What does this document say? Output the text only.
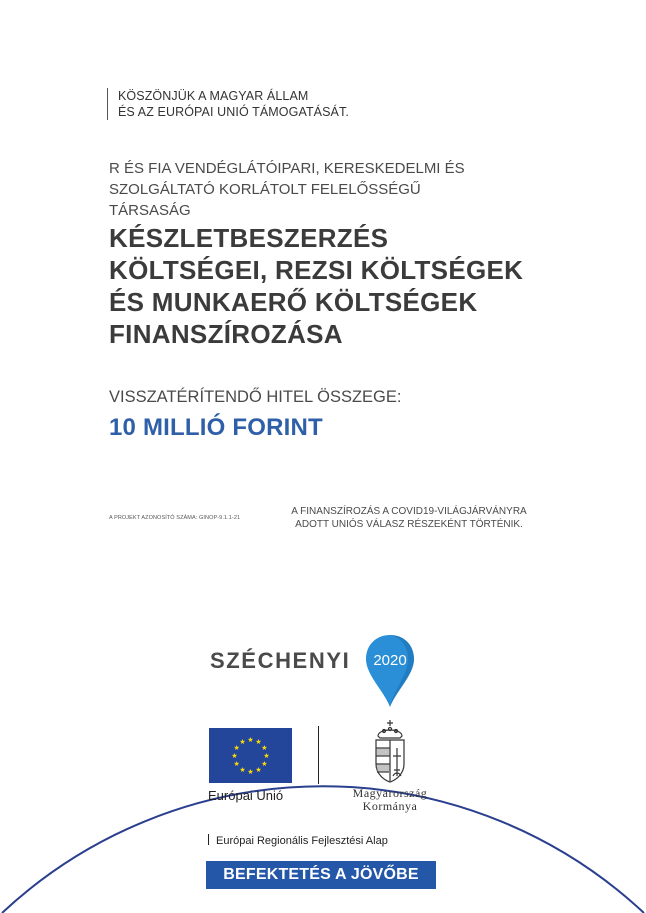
KÖSZÖNJÜK A MAGYAR ÁLLAM
ÉS AZ EURÓPAI UNIÓ TÁMOGATÁSÁT.
R ÉS FIA VENDÉGLÁTÓIPARI, KERESKEDELMI ÉS
SZOLGÁLTATÓ KORLÁTOLT FELELŐSSÉGŰ
TÁRSASÁG
KÉSZLETBESZERZÉS
KÖLTSÉGEI, REZSI KÖLTSÉGEK
ÉS MUNKAERŐ KÖLTSÉGEK
FINANSZÍROZÁSA
VISSZATÉRÍTENDŐ HITEL ÖSSZEGE:
10 MILLIÓ FORINT
A PROJEKT AZONOSÍTÓ SZÁMA: GINOP-9.1.1-21
A FINANSZÍROZÁS A COVID19-VILÁGJÁRVÁNYRA
ADOTT UNIÓS VÁLASZ RÉSZEKÉNT TÖRTÉNIK.
SZÉCHENYI 2020
★ ★
★
★
★
★
★
★
★
★
★
★
Európai Unió	Magyarország
Kormánya
Európai Regionális Fejlesztési Alap
BEFEKTETÉS A JÖVŐBE
